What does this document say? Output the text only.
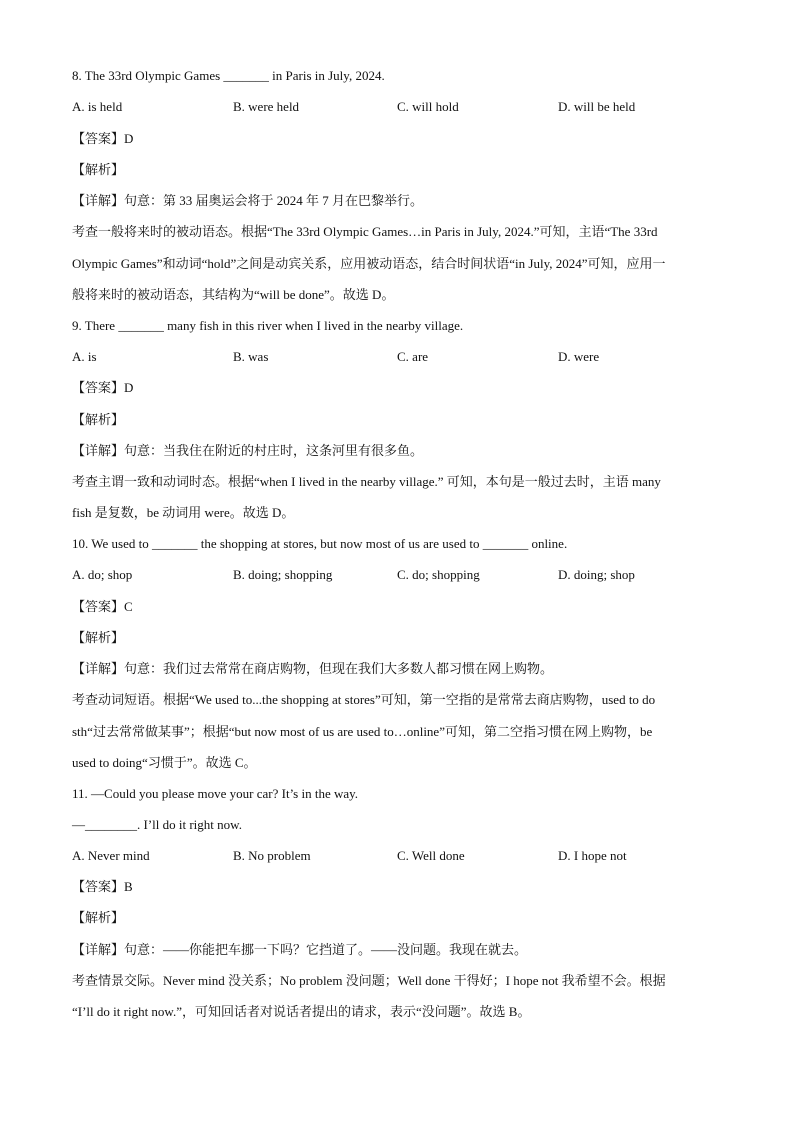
8. The 33rd Olympic Games _______ in Paris in July, 2024.
A. is held	B. were held	C. will hold	D. will be held
【答案】D
【解析】
【详解】句意：第 33 届奥运会将于 2024 年 7 月在巴黎举行。
考查一般将来时的被动语态。根据“The 33rd Olympic Games…in Paris in July, 2024.”可知，主语“The 33rd
Olympic Games”和动词“hold”之间是动宾关系，应用被动语态，结合时间状语“in July, 2024”可知，应用一
般将来时的被动语态，其结构为“will be done”。故选 D。
9. There _______ many fish in this river when I lived in the nearby village.
A. is	B. was	C. are	D. were
【答案】D
【解析】
【详解】句意：当我住在附近的村庄时，这条河里有很多鱼。
考查主谓一致和动词时态。根据“when I lived in the nearby village.” 可知，本句是一般过去时，主语 many
fish 是复数，be 动词用 were。故选 D。
10. We used to _______ the shopping at stores, but now most of us are used to _______ online.
A. do; shop	B. doing; shopping	C. do; shopping	D. doing; shop
【答案】C
【解析】
【详解】句意：我们过去常常在商店购物，但现在我们大多数人都习惯在网上购物。
考查动词短语。根据“We used to...the shopping at stores”可知，第一空指的是常常去商店购物，used to do
sth“过去常常做某事”；根据“but now most of us are used to…online”可知，第二空指习惯在网上购物，be
used to doing“习惯于”。故选 C。
11. —Could you please move your car? It’s in the way.
—________. I’ll do it right now.
A. Never mind	B. No problem	C. Well done	D. I hope not
【答案】B
【解析】
【详解】句意：——你能把车挪一下吗？它挡道了。——没问题。我现在就去。
考查情景交际。Never mind 没关系；No problem 没问题；Well done 干得好；I hope not 我希望不会。根据
“I’ll do it right now.”，可知回话者对说话者提出的请求，表示“没问题”。故选 B。
